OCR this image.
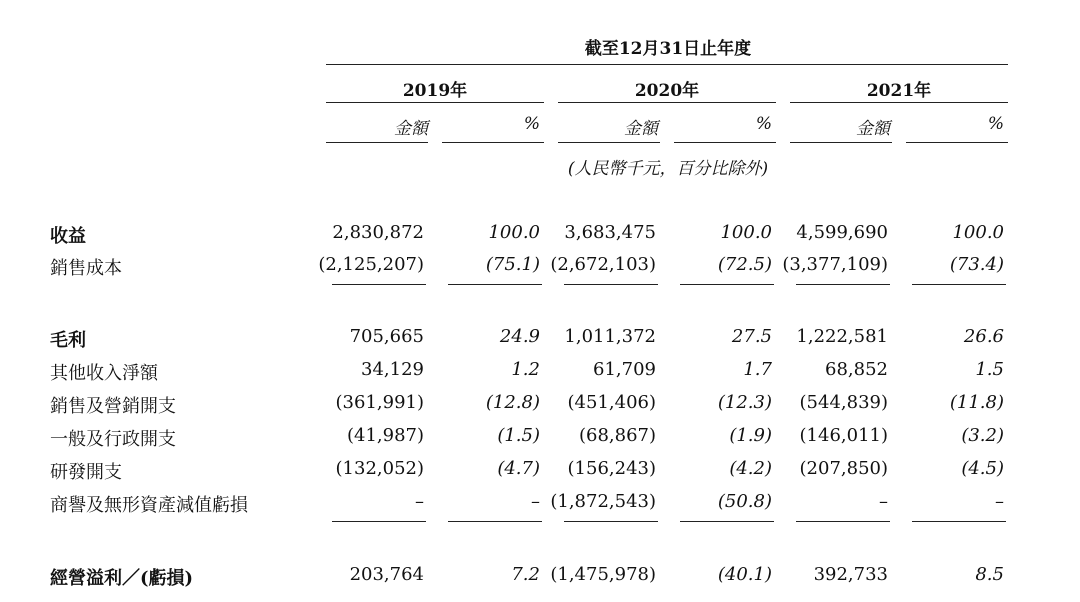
截至12月31日止年度
2019年	2020年	2021年
金額	%	金額	%	金額	%
(人民幣千元，百分比除外)
收益	2,830,872	100.0	3,683,475	100.0	4,599,690	100.0
銷售成本	(2,125,207)	(75.1) (2,672,103)	(72.5) (3,377,109)	(73.4)
毛利	705,665	24.9	1,011,372	27.5	1,222,581	26.6
其他收入淨額	34,129	1.2	61,709	1.7	68,852	1.5
銷售及營銷開支	(361,991)	(12.8)	(451,406)	(12.3)	(544,839)	(11.8)
一般及行政開支	(41,987)	(1.5)	(68,867)	(1.9)	(146,011)	(3.2)
研發開支	(132,052)	(4.7)	(156,243)	(4.2)	(207,850)	(4.5)
商譽及無形資產減值虧損	–	– (1,872,543)	(50.8)	–	–
經營溢利／(虧損)	203,764	7.2 (1,475,978)	(40.1)	392,733	8.5
